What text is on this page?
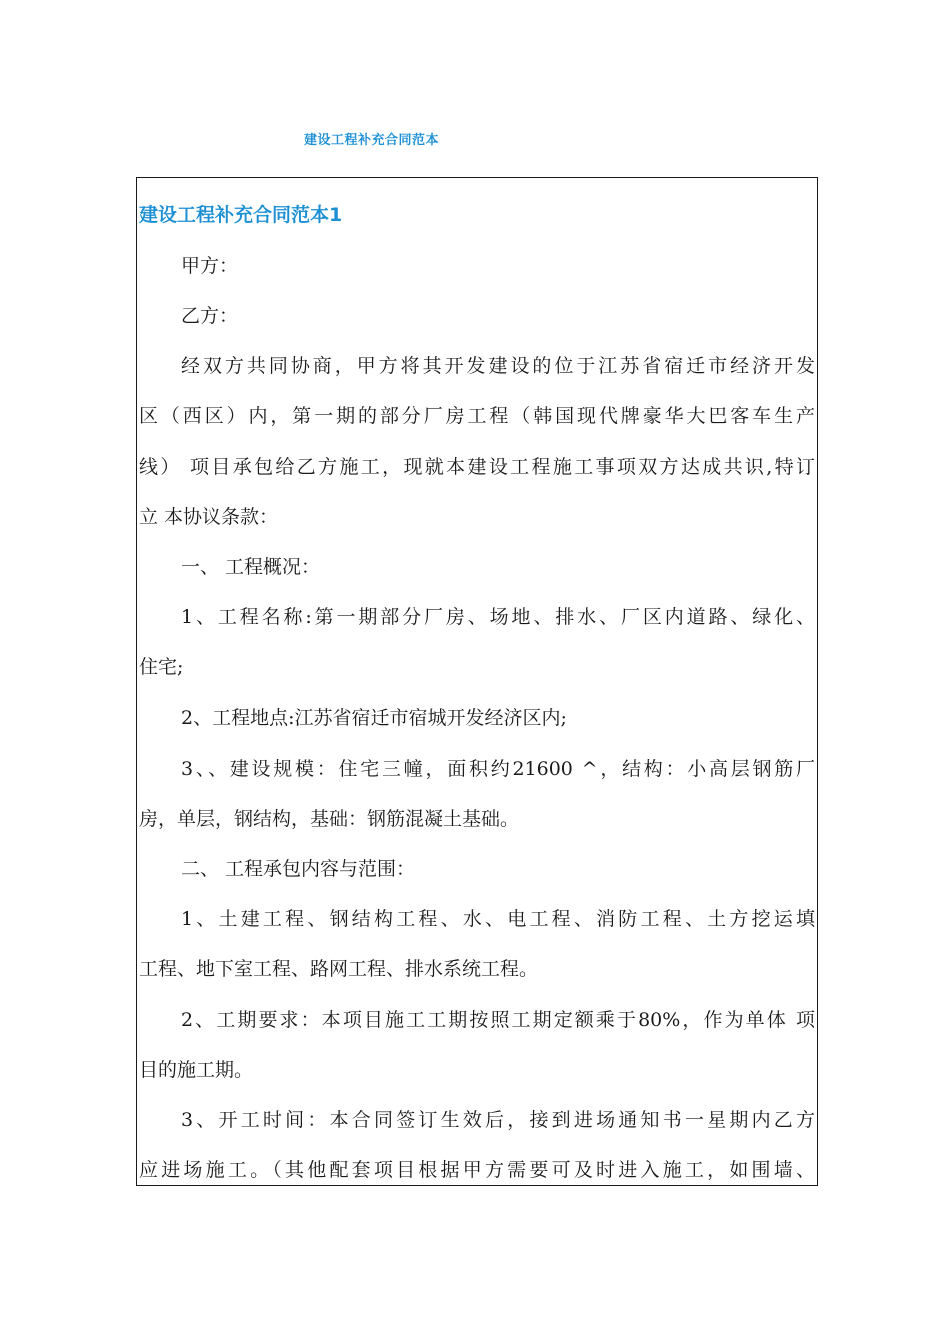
建设工程补充合同范本
建设工程补充合同范本1
甲方：
乙方：
经双方共同协商，甲方将其开发建设的位于江苏省宿迁市经济开发
区（西区）内，第一期的部分厂房工程（韩国现代牌豪华大巴客车生产
线） 项目承包给乙方施工，现就本建设工程施工事项双方达成共识,特订
立 本协议条款：
一、 工程概况：
1、工程名称:第一期部分厂房、场地、排水、厂区内道路、绿化、
住宅;
2、工程地点:江苏省宿迁市宿城开发经济区内;
3、、建设规模：住宅三幢，面积约21600 ^，结构：小高层钢筋厂
房，单层，钢结构，基础：钢筋混凝土基础。
二、 工程承包内容与范围：
1、土建工程、钢结构工程、水、电工程、消防工程、土方挖运填
工程、地下室工程、路网工程、排水系统工程。
2、工期要求：本项目施工工期按照工期定额乘于80%，作为单体 项
目的施工期。
3、开工时间：本合同签订生效后，接到进场通知书一星期内乙方
应进场施工。（其他配套项目根据甲方需要可及时进入施工，如围墙、
